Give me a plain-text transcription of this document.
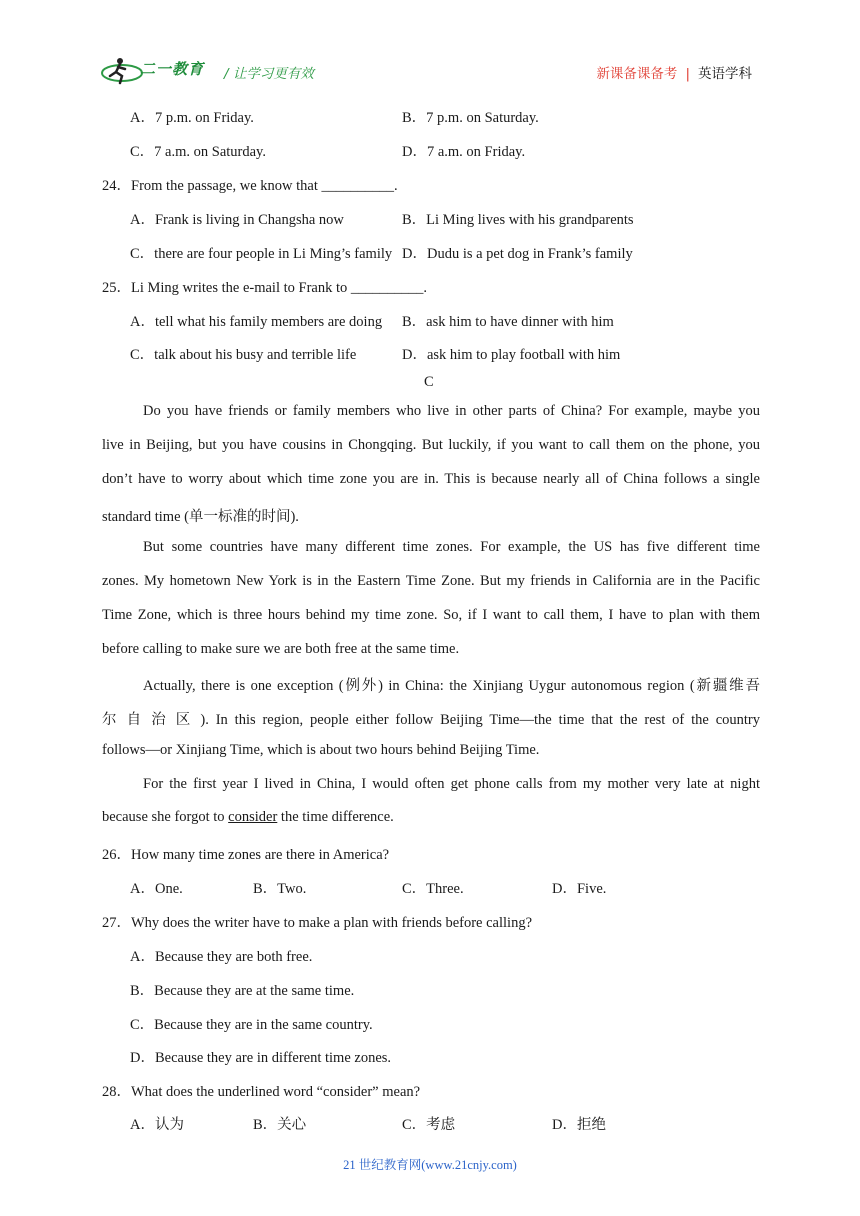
二一教育 / 让学习更有效	新课备课备考 | 英语学科
A．7 p.m. on Friday.	B．7 p.m. on Saturday.
C．7 a.m. on Saturday.	D．7 a.m. on Friday.
24．From the passage, we know that __________.
A．Frank is living in Changsha now	B．Li Ming lives with his grandparents
C．there are four people in Li Ming’s family D．Dudu is a pet dog in Frank’s family
25．Li Ming writes the e-mail to Frank to __________.
A．tell what his family members are doing B．ask him to have dinner with him
C．talk about his busy and terrible life	D．ask him to play football with him
C
Do you have friends or family members who live in other parts of China? For example, maybe you
live in Beijing, but you have cousins in Chongqing. But luckily, if you want to call them on the phone, you
don’t have to worry about which time zone you are in. This is because nearly all of China follows a single
standard time (单一标准的时间).
But some countries have many different time zones. For example, the US has five different time
zones. My hometown New York is in the Eastern Time Zone. But my friends in California are in the Pacific
Time Zone, which is three hours behind my time zone. So, if I want to call them, I have to plan with them
before calling to make sure we are both free at the same time.
Actually, there is one exception (例外) in China: the Xinjiang Uygur autonomous region (新疆维吾
尔 自 治 区 ). In this region, people either follow Beijing Time—the time that the rest of the country
follows—or Xinjiang Time, which is about two hours behind Beijing Time.
For the first year I lived in China, I would often get phone calls from my mother very late at night
because she forgot to consider the time difference.
26．How many time zones are there in America?
A．One.	B．Two.	C．Three.	D．Five.
27．Why does the writer have to make a plan with friends before calling?
A．Because they are both free.
B．Because they are at the same time.
C．Because they are in the same country.
D．Because they are in different time zones.
28．What does the underlined word “consider” mean?
A．认为	B．关心	C．考虑	D．拒绝
21 世纪教育网(www.21cnjy.com)
